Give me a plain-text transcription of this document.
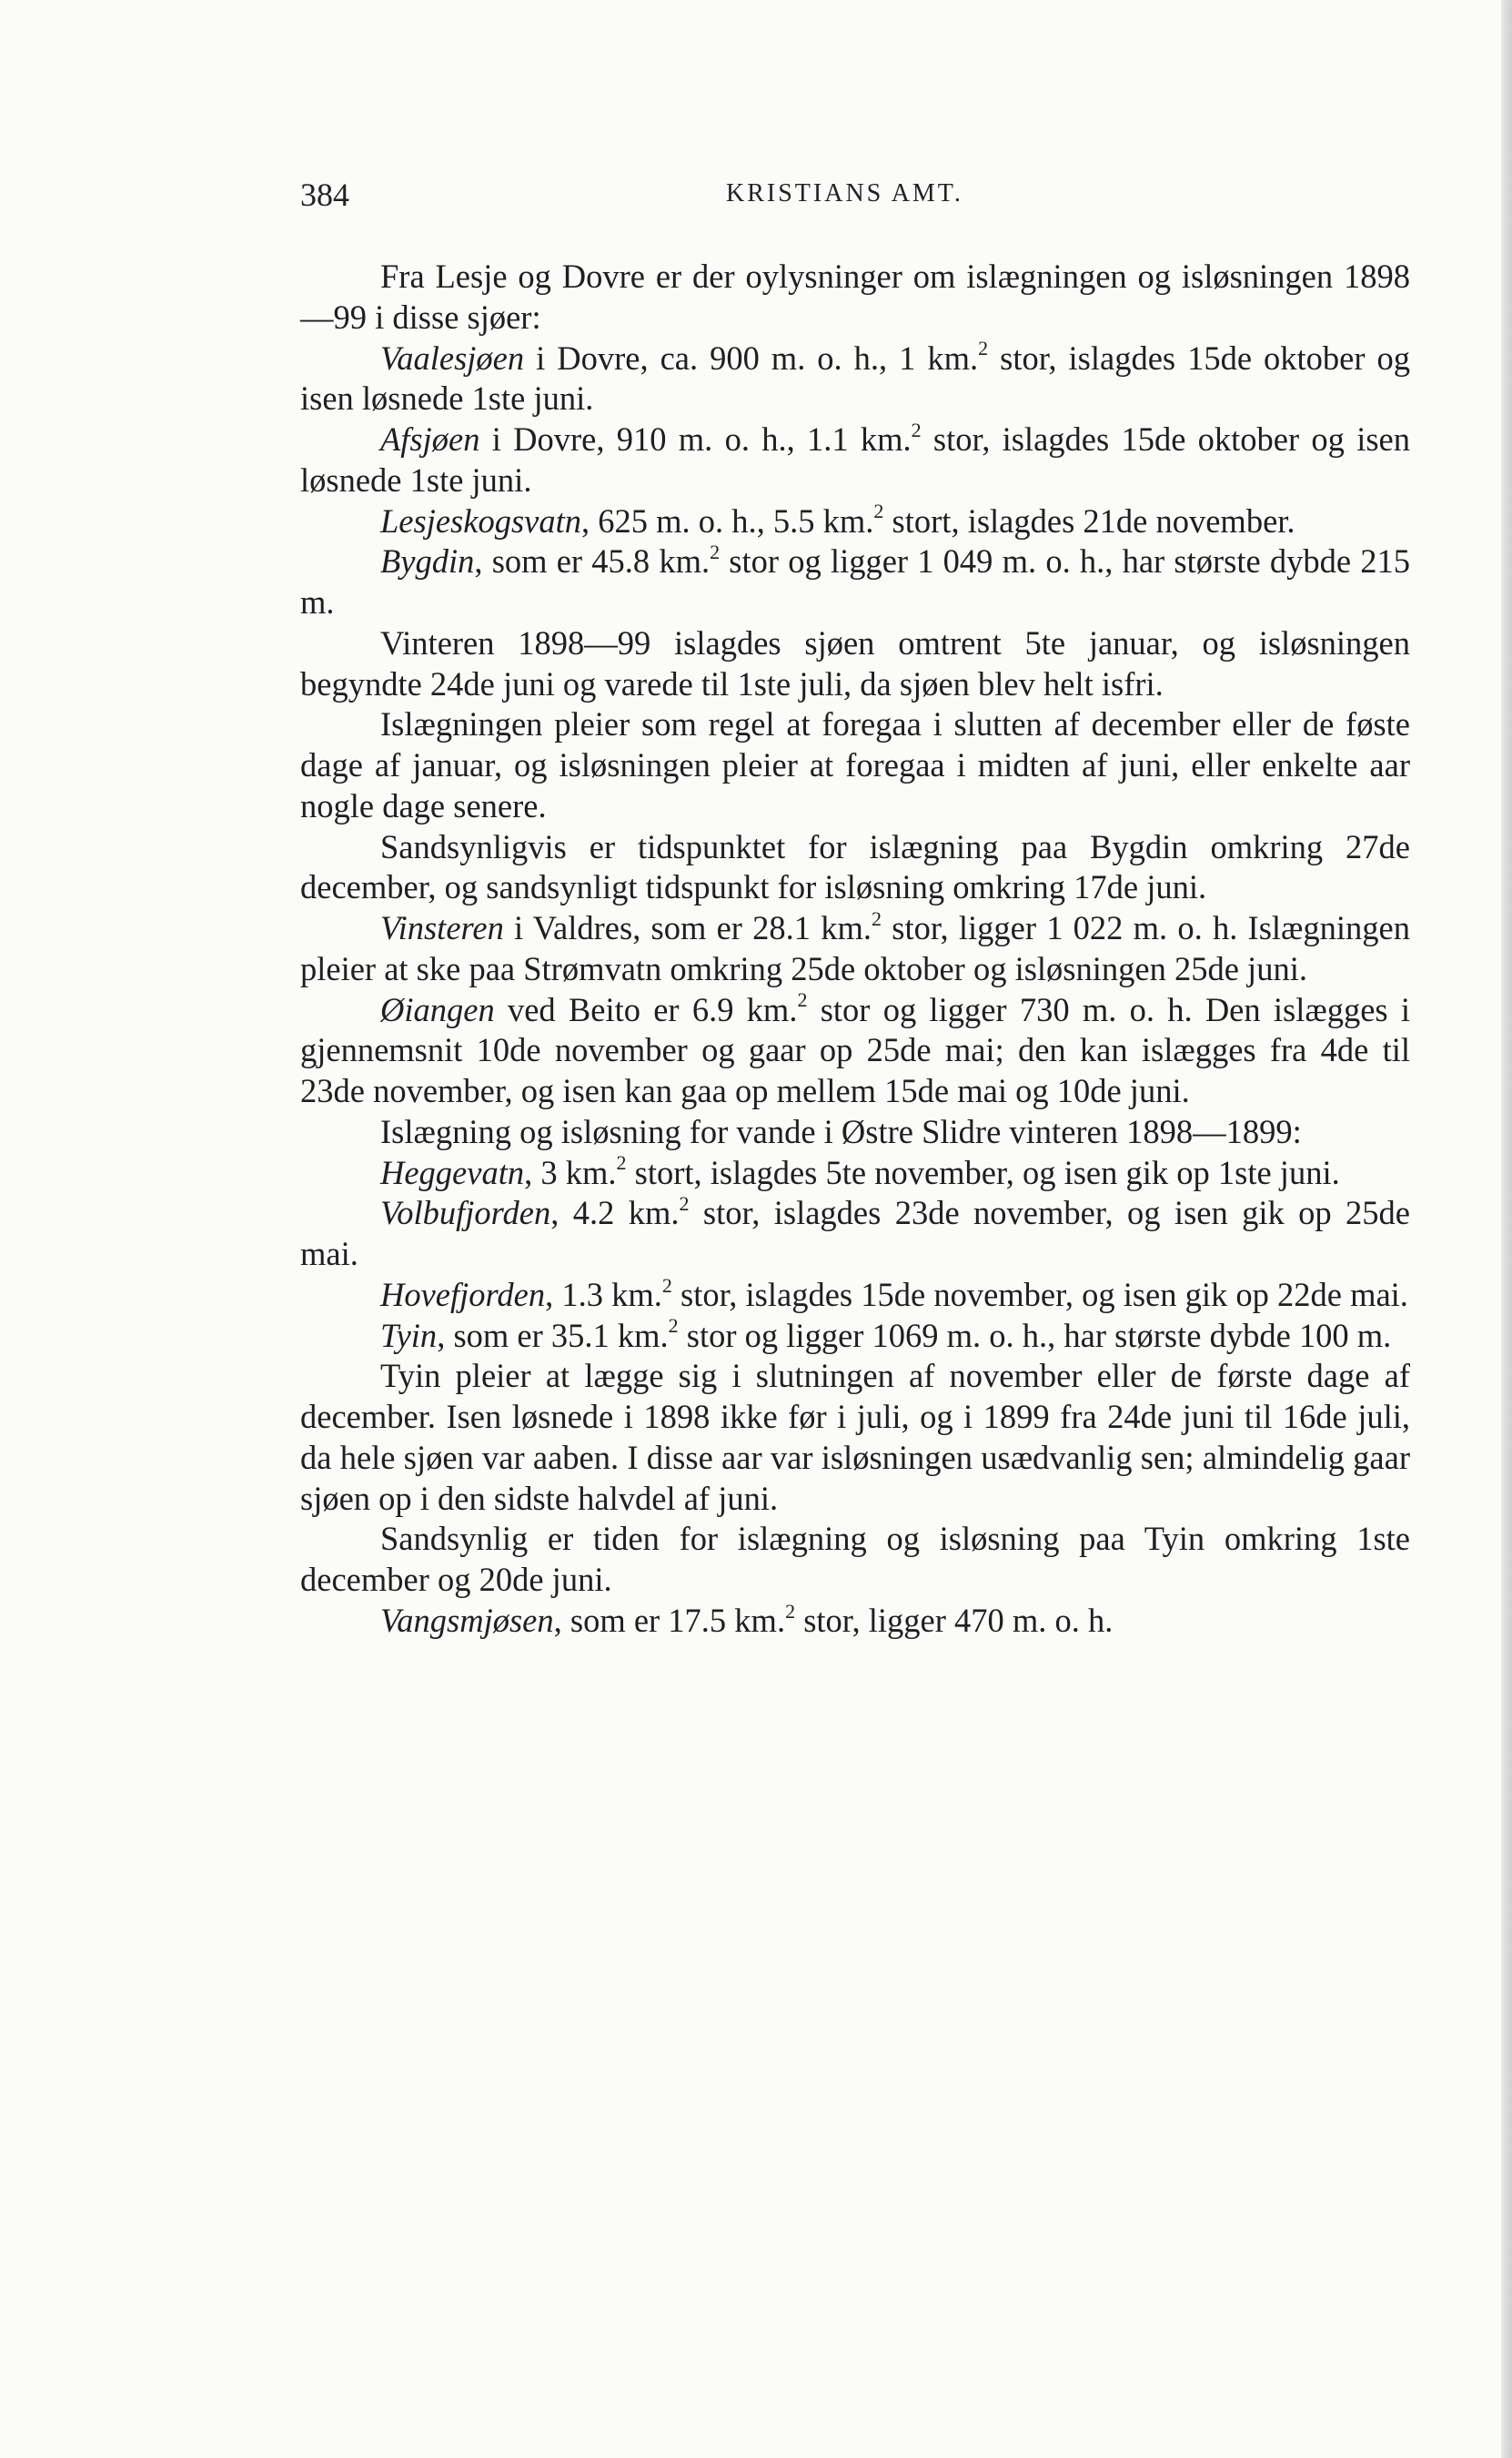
384	KRISTIANS AMT.

Fra Lesje og Dovre er der oylysninger om islægningen og isløsningen 1898—99 i disse sjøer:

Vaalesjøen i Dovre, ca. 900 m. o. h., 1 km.$^2$ stor, islagdes 15de oktober og isen løsnede 1ste juni.

Afsjøen i Dovre, 910 m. o. h., 1.1 km.$^2$ stor, islagdes 15de oktober og isen løsnede 1ste juni.

Lesjeskogsvatn, 625 m. o. h., 5.5 km.$^2$ stort, islagdes 21de november.

Bygdin, som er 45.8 km.$^2$ stor og ligger 1 049 m. o. h., har største dybde 215 m.

Vinteren 1898—99 islagdes sjøen omtrent 5te januar, og isløsningen begyndte 24de juni og varede til 1ste juli, da sjøen blev helt isfri.

Islægningen pleier som regel at foregaa i slutten af december eller de føste dage af januar, og isløsningen pleier at foregaa i midten af juni, eller enkelte aar nogle dage senere.

Sandsynligvis er tidspunktet for islægning paa Bygdin omkring 27de december, og sandsynligt tidspunkt for isløsning omkring 17de juni.

Vinsteren i Valdres, som er 28.1 km.$^2$ stor, ligger 1 022 m. o. h. Islægningen pleier at ske paa Strømvatn omkring 25de oktober og isløsningen 25de juni.

Øiangen ved Beito er 6.9 km.$^2$ stor og ligger 730 m. o. h. Den islægges i gjennemsnit 10de november og gaar op 25de mai; den kan islægges fra 4de til 23de november, og isen kan gaa op mellem 15de mai og 10de juni.

Islægning og isløsning for vande i Østre Slidre vinteren 1898—1899:

Heggevatn, 3 km.$^2$ stort, islagdes 5te november, og isen gik op 1ste juni.

Volbufjorden, 4.2 km.$^2$ stor, islagdes 23de november, og isen gik op 25de mai.

Hovefjorden, 1.3 km.$^2$ stor, islagdes 15de november, og isen gik op 22de mai.

Tyin, som er 35.1 km.$^2$ stor og ligger 1069 m. o. h., har største dybde 100 m.

Tyin pleier at lægge sig i slutningen af november eller de første dage af december. Isen løsnede i 1898 ikke før i juli, og i 1899 fra 24de juni til 16de juli, da hele sjøen var aaben. I disse aar var isløsningen usædvanlig sen; almindelig gaar sjøen op i den sidste halvdel af juni.

Sandsynlig er tiden for islægning og isløsning paa Tyin omkring 1ste december og 20de juni.

Vangsmjøsen, som er 17.5 km.$^2$ stor, ligger 470 m. o. h.
